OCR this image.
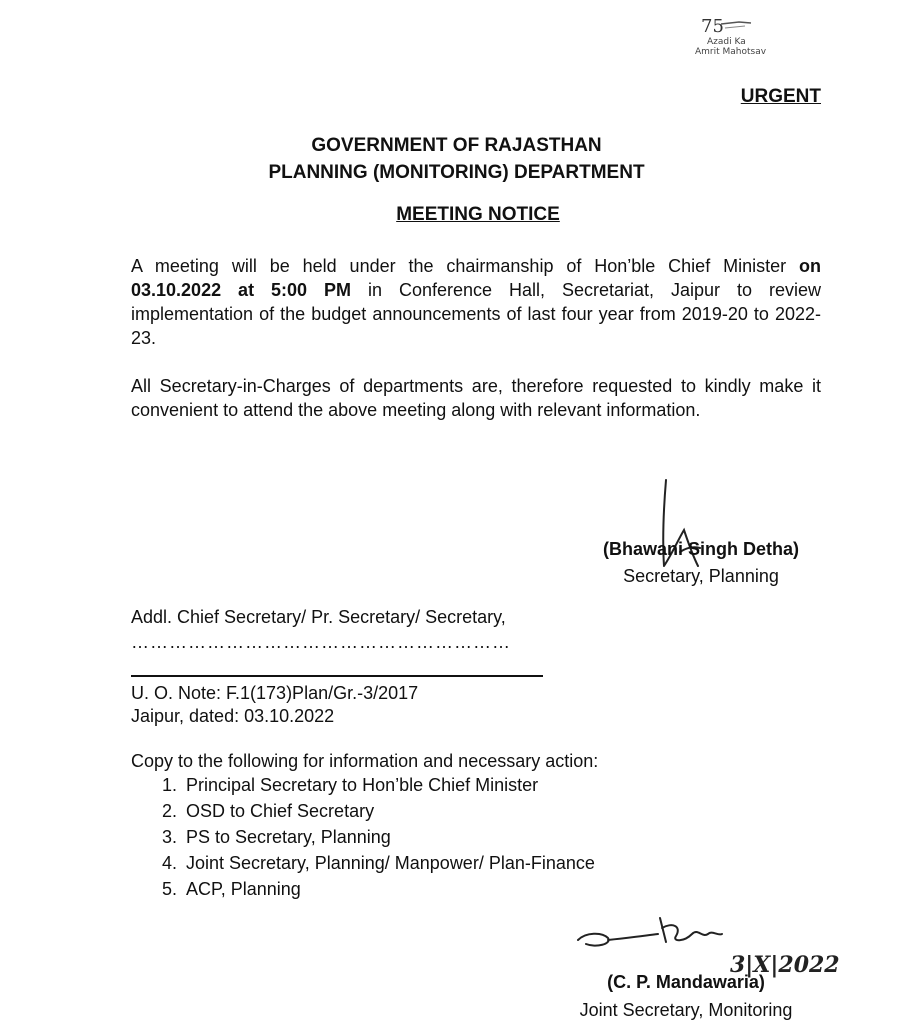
75
Azadi Ka
Amrit Mahotsav
URGENT
GOVERNMENT OF RAJASTHAN
PLANNING (MONITORING) DEPARTMENT
MEETING NOTICE
A meeting will be held under the chairmanship of Hon’ble Chief Minister on 03.10.2022 at 5:00 PM in Conference Hall, Secretariat, Jaipur to review implementation of the budget announcements of last four year from 2019-20 to 2022-23.
All Secretary-in-Charges of departments are, therefore requested to kindly make it convenient to attend the above meeting along with relevant information.
(Bhawani Singh Detha)
Secretary, Planning
Addl. Chief Secretary/ Pr. Secretary/ Secretary,
……………………………………………………
U. O. Note: F.1(173)Plan/Gr.-3/2017
Jaipur, dated: 03.10.2022
Copy to the following for information and necessary action:
1. Principal Secretary to Hon’ble Chief Minister
2. OSD to Chief Secretary
3. PS to Secretary, Planning
4. Joint Secretary, Planning/ Manpower/ Plan-Finance
5. ACP, Planning
3|X|2022
(C. P. Mandawaria)
Joint Secretary, Monitoring
